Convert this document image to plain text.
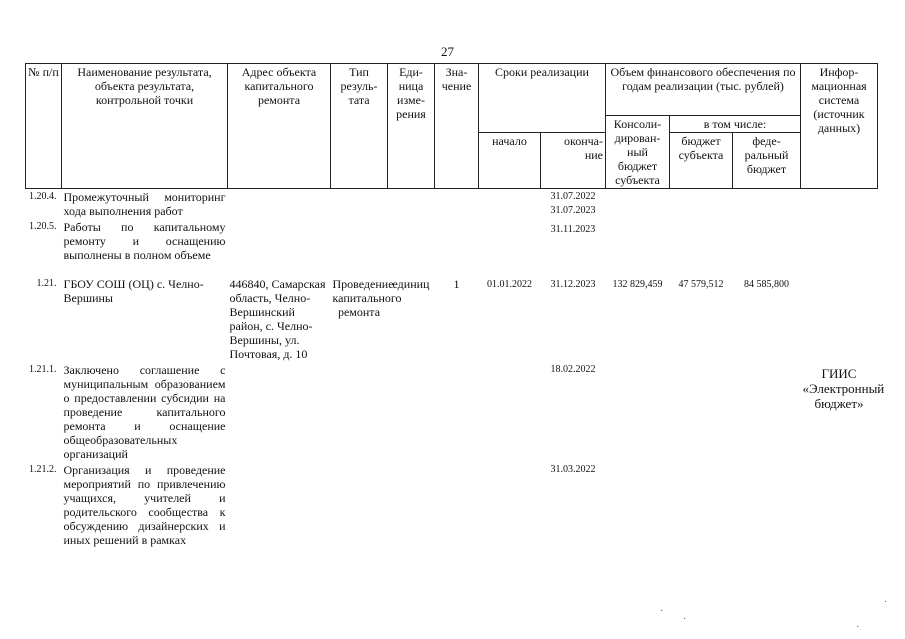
27
№ п/п	Наименование результата, объекта результата, контрольной точки	Адрес объекта капитального ремонта	Тип резуль- тата	Еди- ница изме- рения	Зна- чение	Сроки реализации		Объем финансового обеспечения по годам реализации (тыс. рублей)			Инфор- мационная система (источник данных)
								Консоли- дирован- ный бюджет субъекта	в том числе:		
						начало	оконча- ние		бюджет субъекта	феде- ральный бюджет	
1.20.4.	Промежуточный мониторинг хода выполнения работ						31.07.2022
31.07.2023				

1.20.5.	Работы по капитальному ремонту и оснащению выполнены в полном объеме						31.11.2023				

1.21.	ГБОУ СОШ (ОЦ) с. Челно-Вершины	446840, Самарская область, Челно-Вершинский район, с. Челно-Вершины, ул. Почтовая, д. 10	Проведение капитального ремонта	единиц	1	01.01.2022	31.12.2023	132 829,459	47 579,512	84 585,800	
1.21.1.	Заключено соглашение с муниципальным образованием о предоставлении субсидии на проведение капитального ремонта и оснащение общеобразовательных организаций						18.02.2022				ГИИС «Электронный бюджет»
1.21.2.	Организация и проведение мероприятий по привлечению учащихся, учителей и родительского сообщества к обсуждению дизайнерских и иных решений в рамках						31.03.2022				

·
·
·
·
